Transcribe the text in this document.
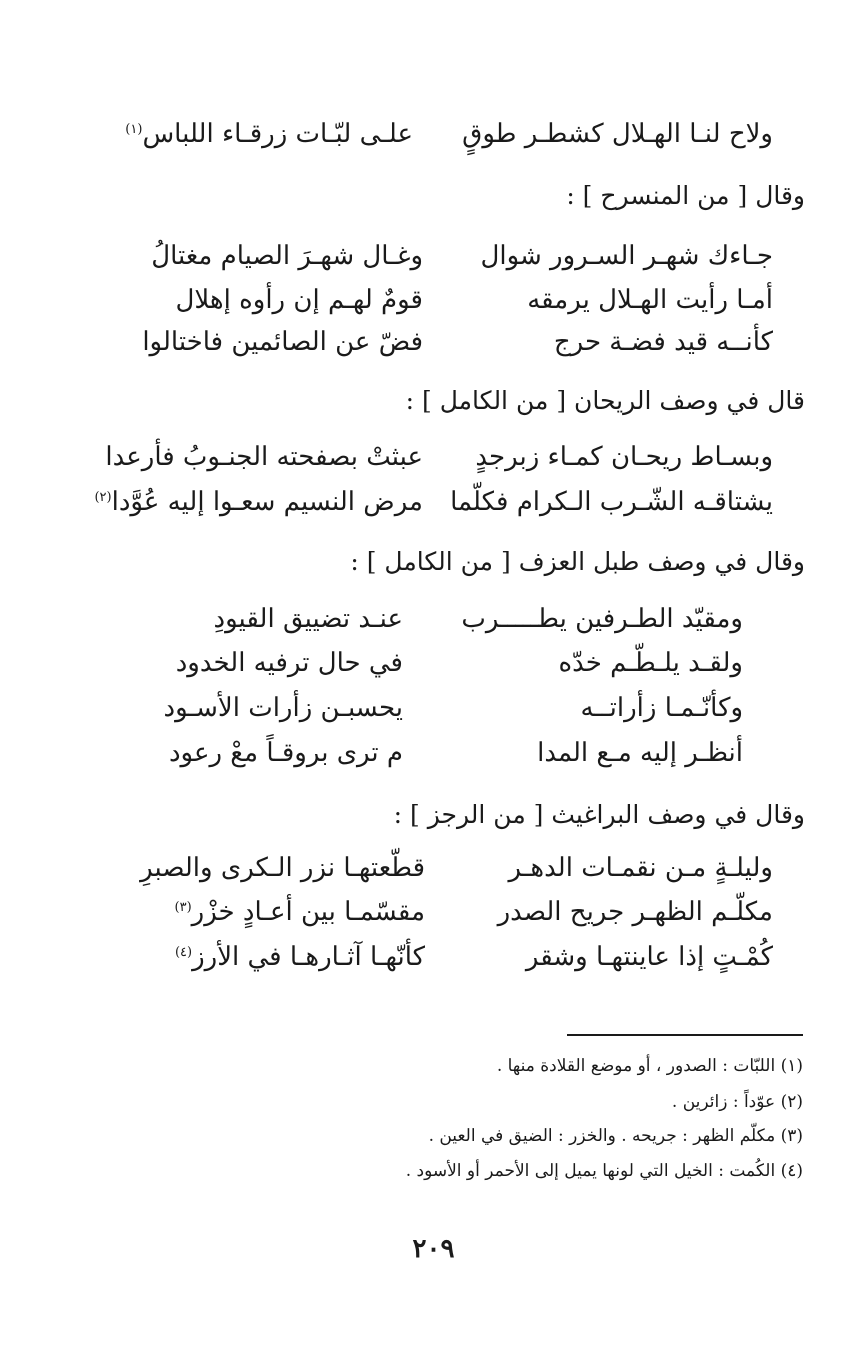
ولاح لنـا الهـلال كشطـر طوقٍ
علـى لبّـات زرقـاء اللباس$^{(١)}$
وقال [ من المنسرح ] :
جـاءك شهـر السـرور شوال
وغـال شهـرَ الصيام مغتالُ
أمـا رأيت الهـلال يرمقه
قومٌ لهـم إن رأوه إهلال
كأنــه قيد فضـة حرج
فضّ عن الصائمين فاختالوا
قال في وصف الريحان [ من الكامل ] :
وبسـاط ريحـان كمـاء زبرجدٍ
عبثتْ بصفحته الجنـوبُ فأرعدا
يشتاقـه الشّـرب الـكرام فكلّما
مرض النسيم سعـوا إليه عُوَّدا$^{(٢)}$
وقال في وصف طبل العزف [ من الكامل ] :
ومقيّد الطـرفين يطـــــرب
عنـد تضييق القيودِ
ولقـد يلـطّـم خدّه
في حال ترفيه الخدود
وكأنّـمـا زأراتــه
يحسبـن زأرات الأسـود
أنظـر إليه مـع المدا
م ترى بروقـاً معْ رعود
وقال في وصف البراغيث [ من الرجز ] :
وليلـةٍ مـن نقمـات الدهـر
قطّعتهـا نزر الـكرى والصبرِ
مكلّـم الظهـر جريح الصدر
مقسّمـا بين أعـادٍ خزْر$^{(٣)}$
كُمْـتٍ إذا عاينتهـا وشقر
كأنّهـا آثـارهـا في الأرز$^{(٤)}$
(١) اللبّات : الصدور ، أو موضع القلادة منها .
(٢) عوّداً : زائرين .
(٣) مكلّم الظهر : جريحه . والخزر : الضيق في العين .
(٤) الكُمت : الخيل التي لونها يميل إلى الأحمر أو الأسود .
٢٠٩
